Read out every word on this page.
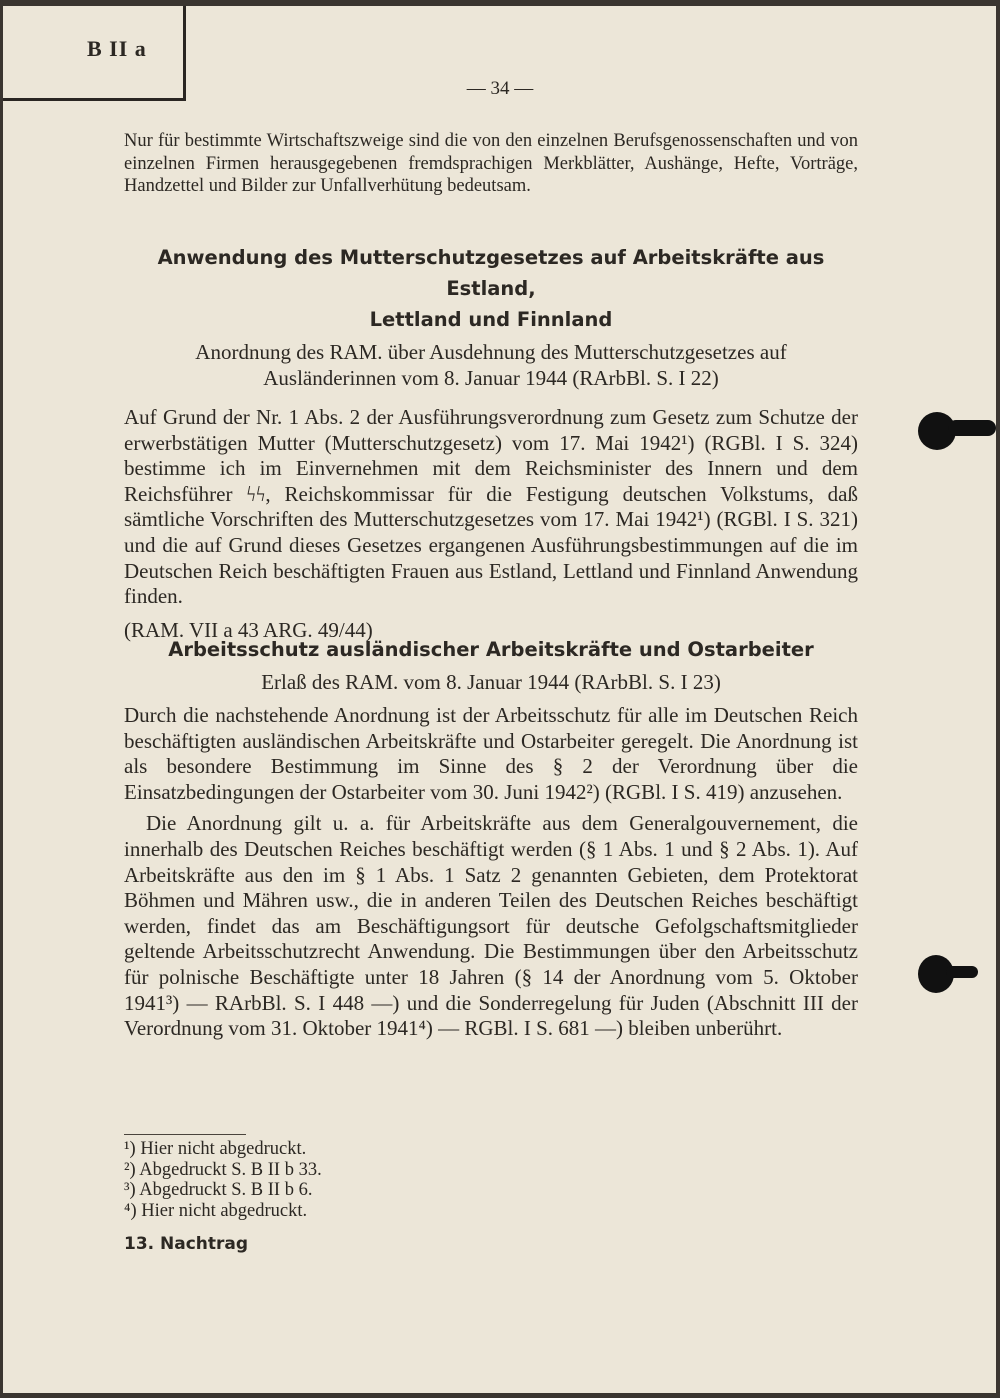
B II a
— 34 —

Nur für bestimmte Wirtschaftszweige sind die von den einzelnen Berufsgenossenschaften und von einzelnen Firmen herausgegebenen fremdsprachigen Merkblätter, Aushänge, Hefte, Vorträge, Handzettel und Bilder zur Unfallverhütung bedeutsam.

Anwendung des Mutterschutzgesetzes auf Arbeitskräfte aus Estland,

Lettland und Finnland

Anordnung des RAM. über Ausdehnung des Mutterschutzgesetzes auf Ausländerinnen vom 8. Januar 1944 (RArbBl. S. I 22)

Auf Grund der Nr. 1 Abs. 2 der Ausführungsverordnung zum Gesetz zum Schutze der erwerbstätigen Mutter (Mutterschutzgesetz) vom 17. Mai 1942¹) (RGBl. I S. 324) bestimme ich im Einvernehmen mit dem Reichsminister des Innern und dem Reichsführer ϟϟ, Reichskommissar für die Festigung deutschen Volkstums, daß sämtliche Vorschriften des Mutterschutzgesetzes vom 17. Mai 1942¹) (RGBl. I S. 321) und die auf Grund dieses Gesetzes ergangenen Ausführungsbestimmungen auf die im Deutschen Reich beschäftigten Frauen aus Estland, Lettland und Finnland Anwendung finden.

(RAM. VII a 43 ARG. 49/44)

Arbeitsschutz ausländischer Arbeitskräfte und Ostarbeiter

Erlaß des RAM. vom 8. Januar 1944 (RArbBl. S. I 23)

Durch die nachstehende Anordnung ist der Arbeitsschutz für alle im Deutschen Reich beschäftigten ausländischen Arbeitskräfte und Ostarbeiter geregelt. Die Anordnung ist als besondere Bestimmung im Sinne des § 2 der Verordnung über die Einsatzbedingungen der Ostarbeiter vom 30. Juni 1942²) (RGBl. I S. 419) anzusehen.

Die Anordnung gilt u. a. für Arbeitskräfte aus dem Generalgouvernement, die innerhalb des Deutschen Reiches beschäftigt werden (§ 1 Abs. 1 und § 2 Abs. 1). Auf Arbeitskräfte aus den im § 1 Abs. 1 Satz 2 genannten Gebieten, dem Protektorat Böhmen und Mähren usw., die in anderen Teilen des Deutschen Reiches beschäftigt werden, findet das am Beschäftigungsort für deutsche Gefolgschaftsmitglieder geltende Arbeitsschutzrecht Anwendung. Die Bestimmungen über den Arbeitsschutz für polnische Beschäftigte unter 18 Jahren (§ 14 der Anordnung vom 5. Oktober 1941³) — RArbBl. S. I 448 —) und die Sonderregelung für Juden (Abschnitt III der Verordnung vom 31. Oktober 1941⁴) — RGBl. I S. 681 —) bleiben unberührt.

¹) Hier nicht abgedruckt.

²) Abgedruckt S. B II b 33.

³) Abgedruckt S. B II b 6.

⁴) Hier nicht abgedruckt.

13. Nachtrag
